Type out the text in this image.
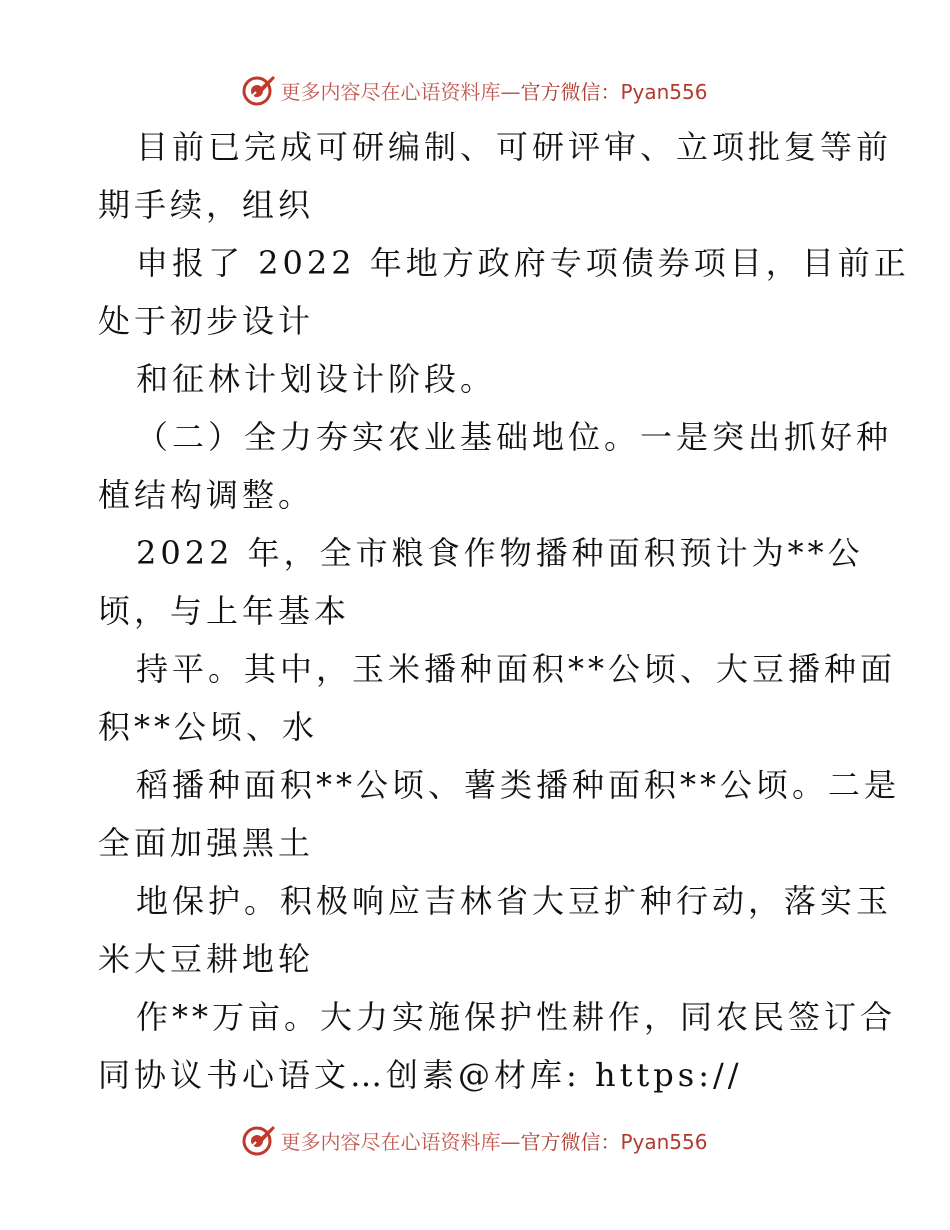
更多内容尽在心语资料库—官方微信：Pyan556
目前已完成可研编制、可研评审、立项批复等前
期手续，组织
申报了 2022 年地方政府专项债券项目，目前正
处于初步设计
和征林计划设计阶段。
（二）全力夯实农业基础地位。一是突出抓好种
植结构调整。
2022 年，全市粮食作物播种面积预计为**公
顷，与上年基本
持平。其中，玉米播种面积**公顷、大豆播种面
积**公顷、水
稻播种面积**公顷、薯类播种面积**公顷。二是
全面加强黑土
地保护。积极响应吉林省大豆扩种行动，落实玉
米大豆耕地轮
作**万亩。大力实施保护性耕作，同农民签订合
同协议书心语文…创素@材库: https://
更多内容尽在心语资料库—官方微信：Pyan556
